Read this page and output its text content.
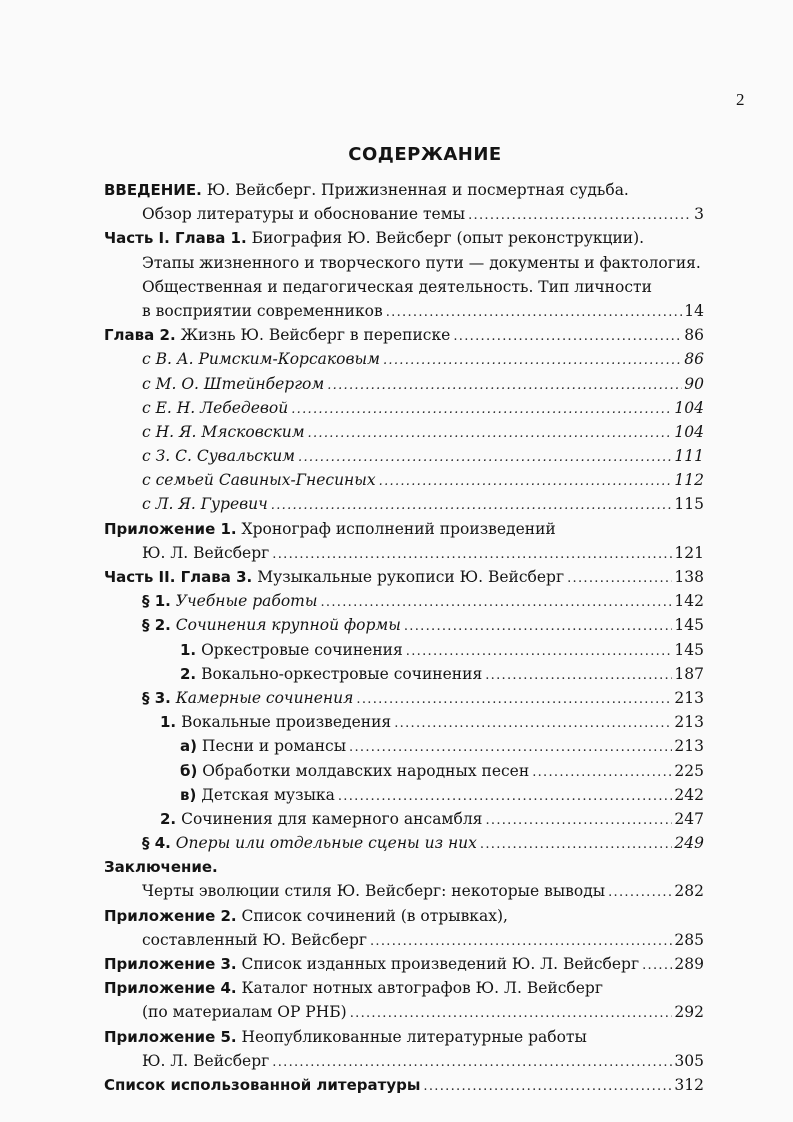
2
СОДЕРЖАНИЕ
ВВЕДЕНИЕ. Ю. Вейсберг. Прижизненная и посмертная судьба.
Обзор литературы и обоснование темы .....	3
Часть I. Глава 1. Биография Ю. Вейсберг (опыт реконструкции).
Этапы жизненного и творческого пути — документы и фактология.
Общественная и педагогическая деятельность. Тип личности
в восприятии современников .....	14
Глава 2. Жизнь Ю. Вейсберг в переписке .....	86
с В. А. Римским-Корсаковым .....	86
с М. О. Штейнбергом .....	90
с Е. Н. Лебедевой .....	104
с Н. Я. Мясковским .....	104
с З. С. Сувальским .....	111
с семьей Савиных-Гнесиных .....	112
с Л. Я. Гуревич .....	115
Приложение 1. Хронограф исполнений произведений
Ю. Л. Вейсберг .....	121
Часть II. Глава 3. Музыкальные рукописи Ю. Вейсберг .....	138
§ 1. Учебные работы .....	142
§ 2. Сочинения крупной формы .....	145
1. Оркестровые сочинения .....	145
2. Вокально-оркестровые сочинения .....	187
§ 3. Камерные сочинения .....	213
1. Вокальные произведения .....	213
а) Песни и романсы .....	213
б) Обработки молдавских народных песен .....	225
в) Детская музыка .....	242
2. Сочинения для камерного ансамбля .....	247
§ 4. Оперы или отдельные сцены из них .....	249
Заключение.
Черты эволюции стиля Ю. Вейсберг: некоторые выводы .....	282
Приложение 2. Список сочинений (в отрывках),
составленный Ю. Вейсберг .....	285
Приложение 3. Список изданных произведений Ю. Л. Вейсберг ..... 289
Приложение 4. Каталог нотных автографов Ю. Л. Вейсберг
(по материалам ОР РНБ) .....	292
Приложение 5. Неопубликованные литературные работы
Ю. Л. Вейсберг .....	305
Список использованной литературы .....	312
